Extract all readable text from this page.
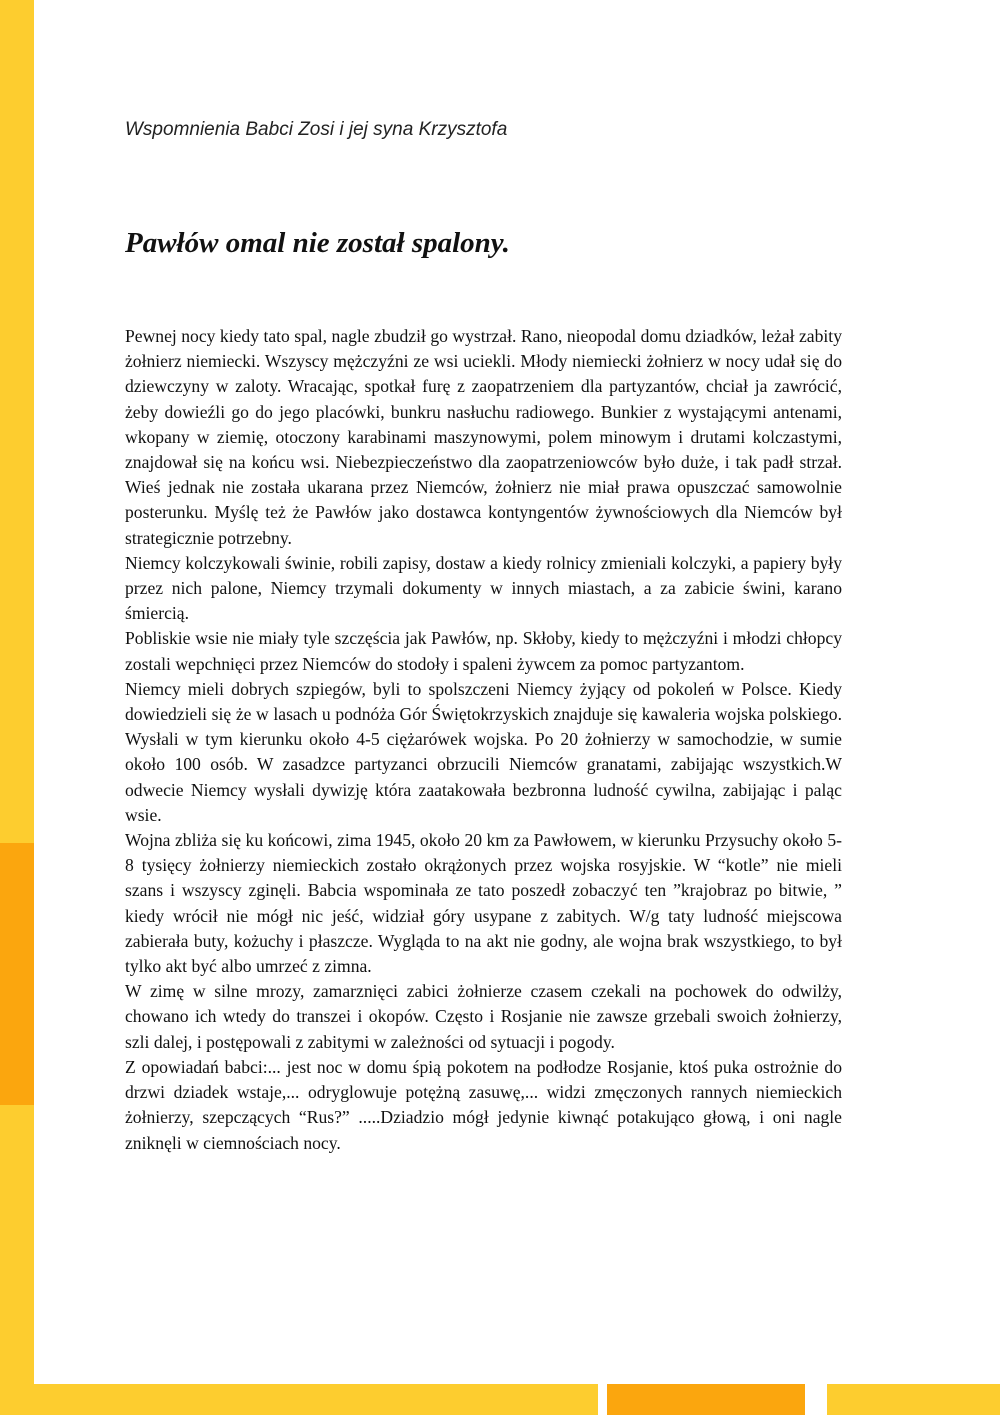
Wspomnienia Babci Zosi i jej syna Krzysztofa
Pawłów omal nie został spalony.

Pewnej nocy kiedy tato spal, nagle zbudził go wystrzał. Rano, nieopodal domu dziadków, leżał zabity żołnierz niemiecki. Wszyscy mężczyźni ze wsi uciekli. Młody niemiecki żołnierz w nocy udał się do dziewczyny w zaloty. Wracając, spotkał furę z zaopatrzeniem dla partyzantów, chciał ja zawrócić, żeby dowieźli go do jego placówki, bunkru nasłuchu radiowego. Bunkier z wystającymi antenami, wkopany w ziemię, otoczony karabinami maszynowymi, polem minowym i drutami kolczastymi, znajdował się na końcu wsi. Niebezpieczeństwo dla zaopatrzeniowców było duże, i tak padł strzał. Wieś jednak nie została ukarana przez Niemców, żołnierz nie miał prawa opuszczać samowolnie posterunku. Myślę też że Pawłów jako dostawca kontyngentów żywnościowych dla Niemców był strategicznie potrzebny.

Niemcy kolczykowali świnie, robili zapisy, dostaw a kiedy rolnicy zmieniali kolczyki, a papiery były przez nich palone, Niemcy trzymali dokumenty w innych miastach, a za zabicie świni, karano śmiercią.

Pobliskie wsie nie miały tyle szczęścia jak Pawłów, np. Skłoby, kiedy to mężczyźni i młodzi chłopcy zostali wepchnięci przez Niemców do stodoły i spaleni żywcem za pomoc partyzantom.

Niemcy mieli dobrych szpiegów, byli to spolszczeni Niemcy żyjący od pokoleń w Polsce. Kiedy dowiedzieli się że w lasach u podnóża Gór Świętokrzyskich znajduje się kawaleria wojska polskiego. Wysłali w tym kierunku około 4-5 ciężarówek wojska. Po 20 żołnierzy w samochodzie, w sumie około 100 osób. W zasadzce partyzanci obrzucili Niemców granatami, zabijając wszystkich.W odwecie Niemcy wysłali dywizję która zaatakowała bezbronna ludność cywilna, zabijając i paląc wsie.

Wojna zbliża się ku końcowi, zima 1945, około 20 km za Pawłowem, w kierunku Przysuchy około 5-8 tysięcy żołnierzy niemieckich zostało okrążonych przez wojska rosyjskie. W “kotle” nie mieli szans i wszyscy zginęli. Babcia wspominała ze tato poszedł zobaczyć ten ”krajobraz po bitwie, ” kiedy wrócił nie mógł nic jeść, widział góry usypane z zabitych. W/g taty ludność miejscowa zabierała buty, kożuchy i płaszcze. Wygląda to na akt nie godny, ale wojna brak wszystkiego, to był tylko akt być albo umrzeć z zimna.

W zimę w silne mrozy, zamarznięci zabici żołnierze czasem czekali na pochowek do odwilży, chowano ich wtedy do transzei i okopów. Często i Rosjanie nie zawsze grzebali swoich żołnierzy, szli dalej, i postępowali z zabitymi w zależności od sytuacji i pogody.

Z opowiadań babci:... jest noc w domu śpią pokotem na podłodze Rosjanie, ktoś puka ostrożnie do drzwi dziadek wstaje,... odryglowuje potężną zasuwę,... widzi zmęczonych rannych niemieckich żołnierzy, szepczących “Rus?” .....Dziadzio mógł jedynie kiwnąć potakująco głową, i oni nagle zniknęli w ciemnościach nocy.
